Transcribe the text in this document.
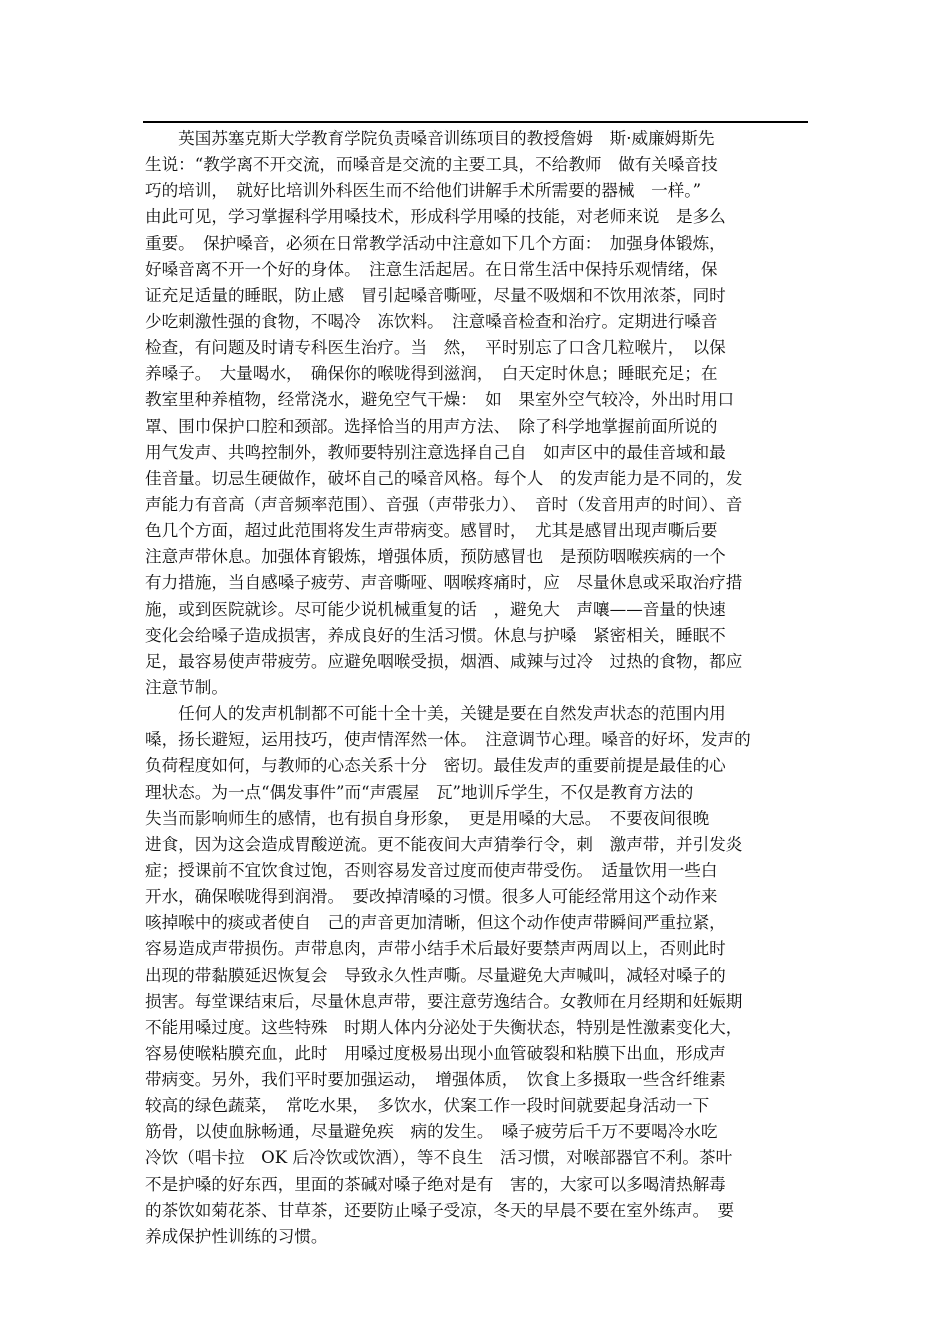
　　英国苏塞克斯大学教育学院负责嗓音训练项目的教授詹姆　斯·威廉姆斯先
生说：“教学离不开交流，而嗓音是交流的主要工具，不给教师　做有关嗓音技
巧的培训，　就好比培训外科医生而不给他们讲解手术所需要的器械　一样。”
由此可见，学习掌握科学用嗓技术，形成科学用嗓的技能，对老师来说　是多么
重要。　保护嗓音，必须在日常教学活动中注意如下几个方面：　加强身体锻炼，
好嗓音离不开一个好的身体。　注意生活起居。在日常生活中保持乐观情绪，保
证充足适量的睡眠，防止感　冒引起嗓音嘶哑，尽量不吸烟和不饮用浓茶，同时
少吃刺激性强的食物，不喝冷　冻饮料。　注意嗓音检查和治疗。定期进行嗓音
检查，有问题及时请专科医生治疗。当　然，　平时别忘了口含几粒喉片，　以保
养嗓子。　大量喝水，　确保你的喉咙得到滋润，　白天定时休息；睡眠充足；在
教室里种养植物，经常浇水，避免空气干燥：　如　果室外空气较冷，外出时用口
罩、围巾保护口腔和颈部。选择恰当的用声方法、　除了科学地掌握前面所说的
用气发声、共鸣控制外，教师要特别注意选择自己自　如声区中的最佳音域和最
佳音量。切忌生硬做作，破坏自己的嗓音风格。每个人　的发声能力是不同的，发
声能力有音高（声音频率范围）、音强（声带张力）、　音时（发音用声的时间）、音
色几个方面，超过此范围将发生声带病变。感冒时，　尤其是感冒出现声嘶后要
注意声带休息。加强体育锻炼，增强体质，预防感冒也　是预防咽喉疾病的一个
有力措施，当自感嗓子疲劳、声音嘶哑、咽喉疼痛时，应　尽量休息或采取治疗措
施，或到医院就诊。尽可能少说机械重复的话　，避免大　声嚷——音量的快速
变化会给嗓子造成损害，养成良好的生活习惯。休息与护嗓　紧密相关，睡眠不
足，最容易使声带疲劳。应避免咽喉受损，烟酒、咸辣与过冷　过热的食物，都应
注意节制。
　　任何人的发声机制都不可能十全十美，关键是要在自然发声状态的范围内用
嗓，扬长避短，运用技巧，使声情浑然一体。　注意调节心理。嗓音的好坏，发声的
负荷程度如何，与教师的心态关系十分　密切。最佳发声的重要前提是最佳的心
理状态。为一点“偶发事件”而“声震屋　瓦”地训斥学生，不仅是教育方法的
失当而影响师生的感情，也有损自身形象，　更是用嗓的大忌。　不要夜间很晚
进食，因为这会造成胃酸逆流。更不能夜间大声猜拳行令，刺　激声带，并引发炎
症；授课前不宜饮食过饱，否则容易发音过度而使声带受伤。　适量饮用一些白
开水，确保喉咙得到润滑。　要改掉清嗓的习惯。很多人可能经常用这个动作来
咳掉喉中的痰或者使自　己的声音更加清晰，但这个动作使声带瞬间严重拉紧，
容易造成声带损伤。声带息肉，声带小结手术后最好要禁声两周以上，否则此时
出现的带黏膜延迟恢复会　导致永久性声嘶。尽量避免大声喊叫，减轻对嗓子的
损害。每堂课结束后，尽量休息声带，要注意劳逸结合。女教师在月经期和妊娠期
不能用嗓过度。这些特殊　时期人体内分泌处于失衡状态，特别是性激素变化大，
容易使喉粘膜充血，此时　用嗓过度极易出现小血管破裂和粘膜下出血，形成声
带病变。另外，我们平时要加强运动，　增强体质，　饮食上多摄取一些含纤维素
较高的绿色蔬菜，　常吃水果，　多饮水，伏案工作一段时间就要起身活动一下
筋骨，以使血脉畅通，尽量避免疾　病的发生。　嗓子疲劳后千万不要喝冷水吃
冷饮（唱卡拉　OK 后冷饮或饮酒），等不良生　活习惯，对喉部器官不利。茶叶
不是护嗓的好东西，里面的茶碱对嗓子绝对是有　害的，大家可以多喝清热解毒
的茶饮如菊花茶、甘草茶，还要防止嗓子受凉，冬天的早晨不要在室外练声。　要
养成保护性训练的习惯。
